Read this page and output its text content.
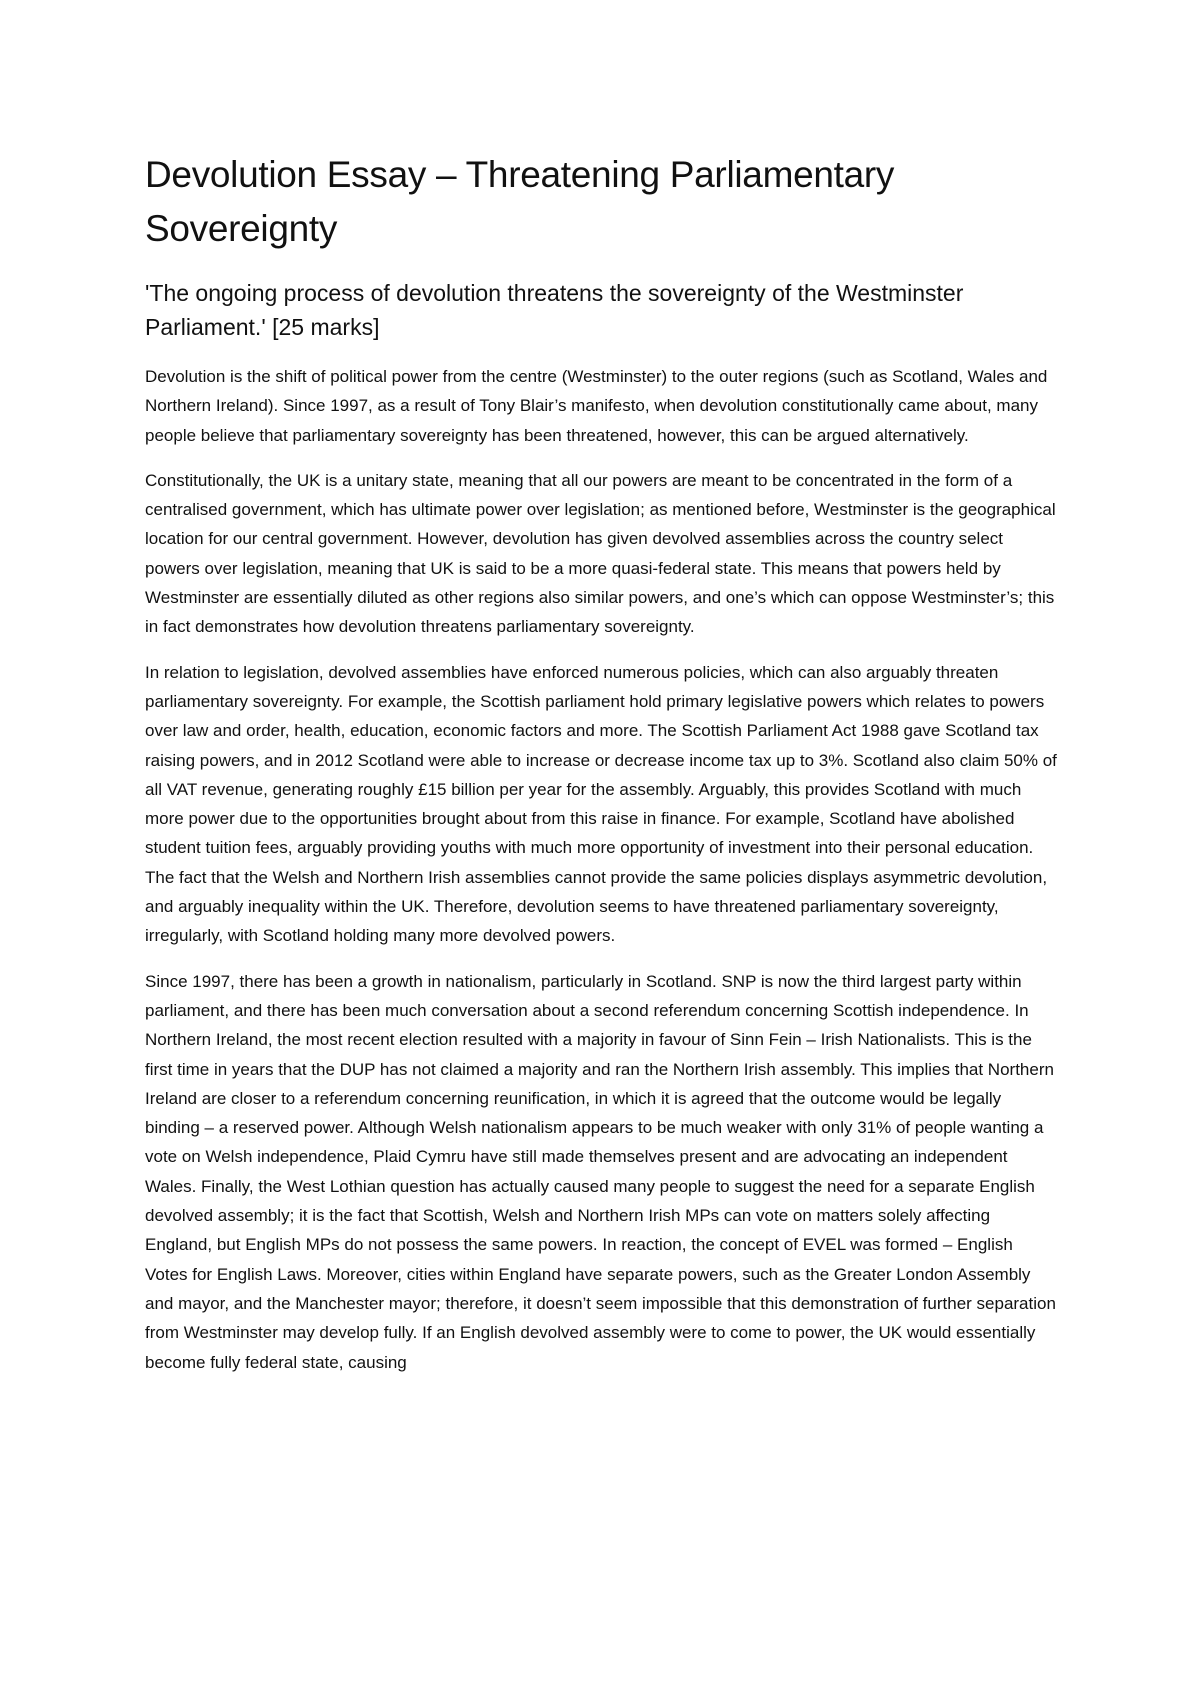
Devolution Essay – Threatening Parliamentary Sovereignty
'The ongoing process of devolution threatens the sovereignty of the Westminster Parliament.' [25 marks]

Devolution is the shift of political power from the centre (Westminster) to the outer regions (such as Scotland, Wales and Northern Ireland). Since 1997, as a result of Tony Blair’s manifesto, when devolution constitutionally came about, many people believe that parliamentary sovereignty has been threatened, however, this can be argued alternatively.

Constitutionally, the UK is a unitary state, meaning that all our powers are meant to be concentrated in the form of a centralised government, which has ultimate power over legislation; as mentioned before, Westminster is the geographical location for our central government. However, devolution has given devolved assemblies across the country select powers over legislation, meaning that UK is said to be a more quasi-federal state. This means that powers held by Westminster are essentially diluted as other regions also similar powers, and one’s which can oppose Westminster’s; this in fact demonstrates how devolution threatens parliamentary sovereignty.

In relation to legislation, devolved assemblies have enforced numerous policies, which can also arguably threaten parliamentary sovereignty. For example, the Scottish parliament hold primary legislative powers which relates to powers over law and order, health, education, economic factors and more. The Scottish Parliament Act 1988 gave Scotland tax raising powers, and in 2012 Scotland were able to increase or decrease income tax up to 3%. Scotland also claim 50% of all VAT revenue, generating roughly £15 billion per year for the assembly. Arguably, this provides Scotland with much more power due to the opportunities brought about from this raise in finance. For example, Scotland have abolished student tuition fees, arguably providing youths with much more opportunity of investment into their personal education. The fact that the Welsh and Northern Irish assemblies cannot provide the same policies displays asymmetric devolution, and arguably inequality within the UK. Therefore, devolution seems to have threatened parliamentary sovereignty, irregularly, with Scotland holding many more devolved powers.

Since 1997, there has been a growth in nationalism, particularly in Scotland. SNP is now the third largest party within parliament, and there has been much conversation about a second referendum concerning Scottish independence. In Northern Ireland, the most recent election resulted with a majority in favour of Sinn Fein – Irish Nationalists. This is the first time in years that the DUP has not claimed a majority and ran the Northern Irish assembly. This implies that Northern Ireland are closer to a referendum concerning reunification, in which it is agreed that the outcome would be legally binding – a reserved power. Although Welsh nationalism appears to be much weaker with only 31% of people wanting a vote on Welsh independence, Plaid Cymru have still made themselves present and are advocating an independent Wales. Finally, the West Lothian question has actually caused many people to suggest the need for a separate English devolved assembly; it is the fact that Scottish, Welsh and Northern Irish MPs can vote on matters solely affecting England, but English MPs do not possess the same powers. In reaction, the concept of EVEL was formed – English Votes for English Laws. Moreover, cities within England have separate powers, such as the Greater London Assembly and mayor, and the Manchester mayor; therefore, it doesn’t seem impossible that this demonstration of further separation from Westminster may develop fully. If an English devolved assembly were to come to power, the UK would essentially become fully federal state, causing
